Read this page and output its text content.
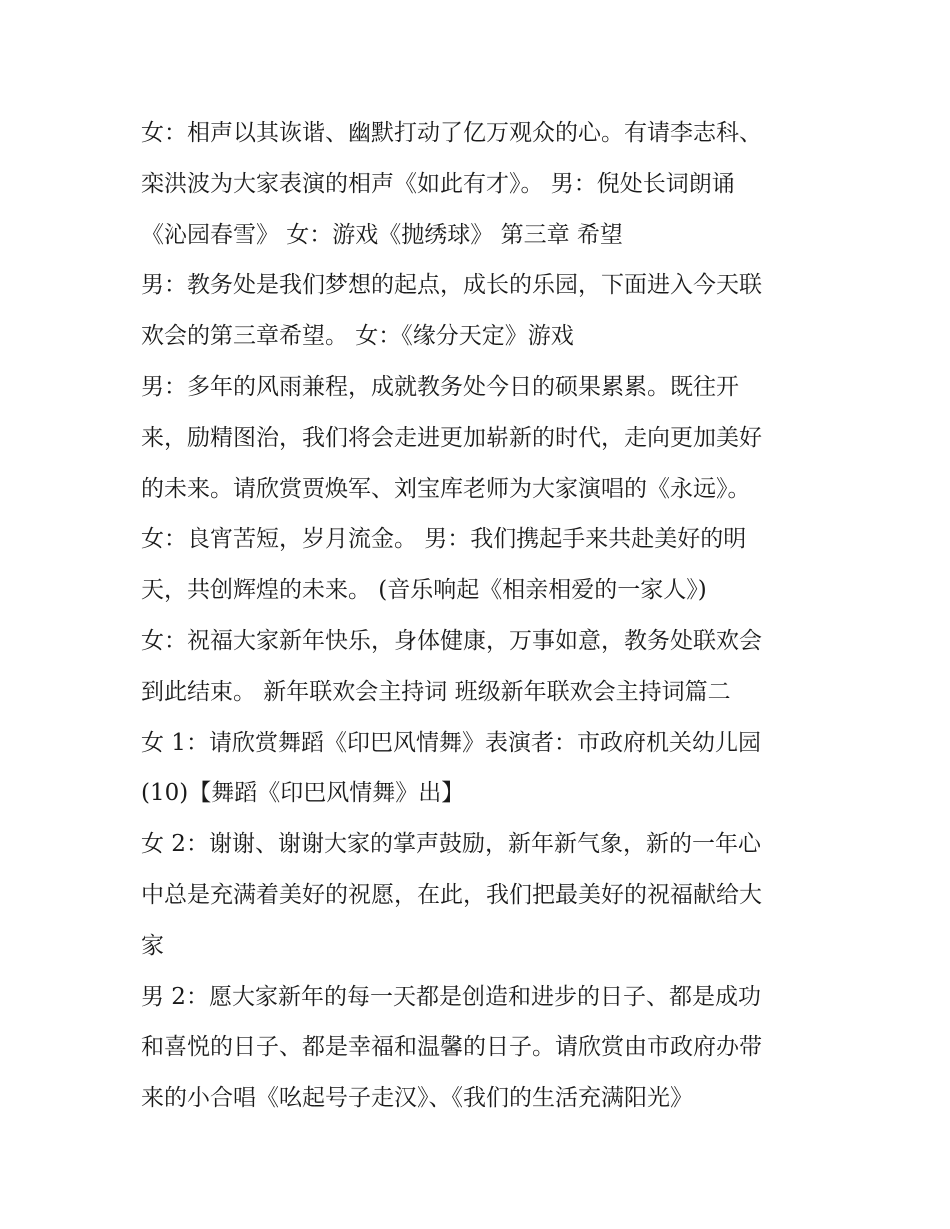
女：相声以其诙谐、幽默打动了亿万观众的心。有请李志科、
栾洪波为大家表演的相声《如此有才》。 男：倪处长词朗诵
《沁园春雪》 女：游戏《抛绣球》 第三章 希望
男：教务处是我们梦想的起点，成长的乐园，下面进入今天联
欢会的第三章希望。 女：《缘分天定》游戏
男：多年的风雨兼程，成就教务处今日的硕果累累。既往开
来，励精图治，我们将会走进更加崭新的时代，走向更加美好
的未来。请欣赏贾焕军、刘宝库老师为大家演唱的《永远》。
女：良宵苦短，岁月流金。 男：我们携起手来共赴美好的明
天，共创辉煌的未来。 (音乐响起《相亲相爱的一家人》)
女：祝福大家新年快乐，身体健康，万事如意，教务处联欢会
到此结束。 新年联欢会主持词 班级新年联欢会主持词篇二
女 1：请欣赏舞蹈《印巴风情舞》表演者：市政府机关幼儿园
(10)【舞蹈《印巴风情舞》出】
女 2：谢谢、谢谢大家的掌声鼓励，新年新气象，新的一年心
中总是充满着美好的祝愿，在此，我们把最美好的祝福献给大
家
男 2：愿大家新年的每一天都是创造和进步的日子、都是成功
和喜悦的日子、都是幸福和温馨的日子。请欣赏由市政府办带
来的小合唱《吆起号子走汉》、《我们的生活充满阳光》
